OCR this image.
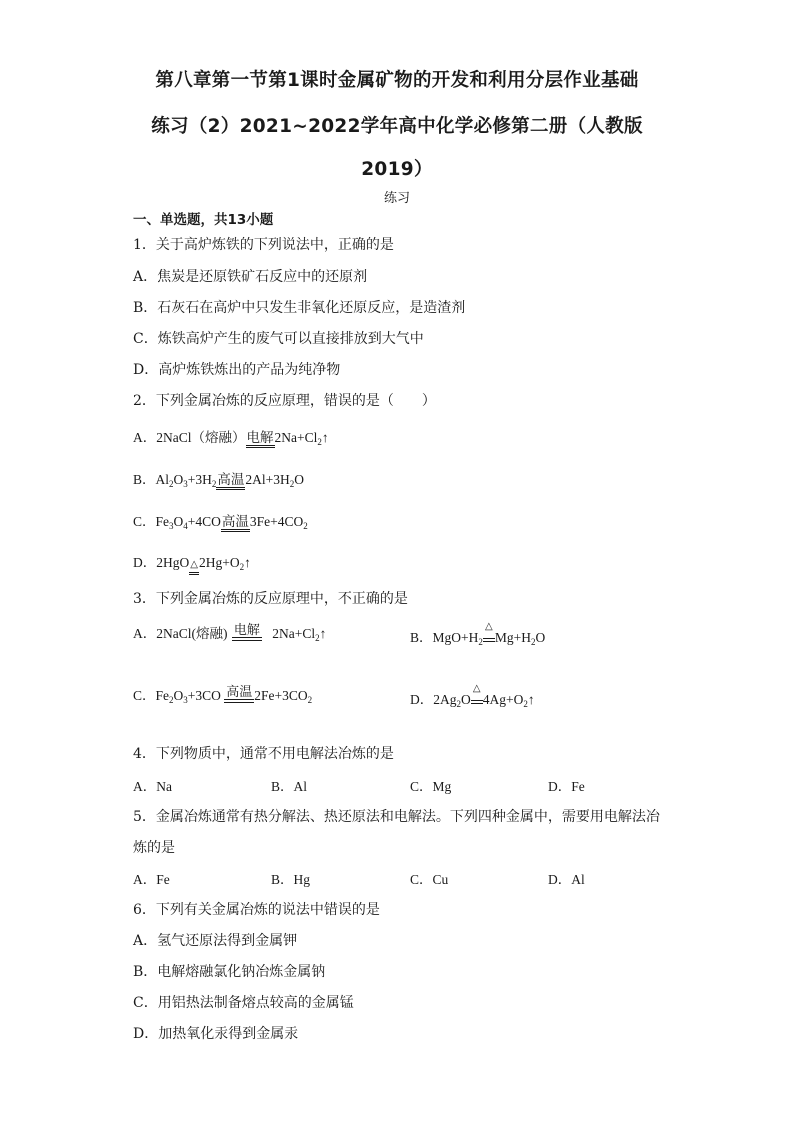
第八章第一节第1课时金属矿物的开发和利用分层作业基础
练习（2）2021~2022学年高中化学必修第二册（人教版
2019）
练习
一、单选题，共13小题
1．关于高炉炼铁的下列说法中，正确的是
A．焦炭是还原铁矿石反应中的还原剂
B．石灰石在高炉中只发生非氧化还原反应，是造渣剂
C．炼铁高炉产生的废气可以直接排放到大气中
D．高炉炼铁炼出的产品为纯净物
2．下列金属冶炼的反应原理，错误的是（　　）
A．2NaCl（熔融）电解$2Na+Cl_2↑$
B．$Al_2O_3+3H_2$高温$2Al+3H_2O$
C．$Fe_3O_4+4CO$高温$3Fe+4CO_2$
D．$2HgO\triangle 2Hg+O_2↑$
3．下列金属冶炼的反应原理中，不正确的是
A．2NaCl(熔融) 电解 $2Na+Cl_2↑$	B．$MgO+H_2$
△
$Mg+H_2O$
C．$Fe_2O_3+3CO$ 高温 $2Fe+3CO_2$	D．$2Ag_2O$
△
$4Ag+O_2↑$
4．下列物质中，通常不用电解法冶炼的是
A．Na	B．Al	C．Mg	D．Fe
5．金属冶炼通常有热分解法、热还原法和电解法。下列四种金属中，需要用电解法冶
炼的是
A．Fe	B．Hg	C．Cu	D．Al
6．下列有关金属冶炼的说法中错误的是
A．氢气还原法得到金属钾
B．电解熔融氯化钠冶炼金属钠
C．用铝热法制备熔点较高的金属锰
D．加热氧化汞得到金属汞
